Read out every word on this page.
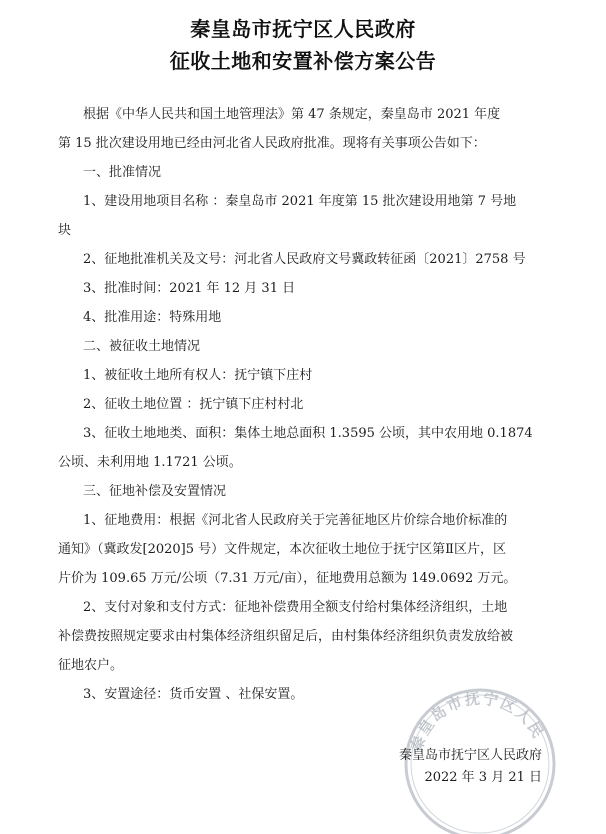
秦皇岛市抚宁区人民政府
征收土地和安置补偿方案公告
根据《中华人民共和国土地管理法》第 47 条规定，秦皇岛市 2021 年度
第 15 批次建设用地已经由河北省人民政府批准。现将有关事项公告如下：
一、批准情况
1、建设用地项目名称 ：秦皇岛市 2021 年度第 15 批次建设用地第 7 号地
块
2、征地批准机关及文号：河北省人民政府文号冀政转征函〔2021〕2758 号
3、批准时间：2021 年 12 月 31 日
4、批准用途：特殊用地
二、被征收土地情况
1、被征收土地所有权人：抚宁镇下庄村
2、征收土地位置 ：抚宁镇下庄村村北
3、征收土地地类、面积：集体土地总面积 1.3595 公顷，其中农用地 0.1874
公顷、未利用地 1.1721 公顷。
三、征地补偿及安置情况
1、征地费用：根据《河北省人民政府关于完善征地区片价综合地价标准的
通知》（冀政发[2020]5 号）文件规定，本次征收土地位于抚宁区第Ⅱ区片，区
片价为 109.65 万元/公顷（7.31 万元/亩），征地费用总额为 149.0692 万元。
2、支付对象和支付方式：征地补偿费用全额支付给村集体经济组织，土地
补偿费按照规定要求由村集体经济组织留足后，由村集体经济组织负责发放给被
征地农户。
3、安置途径：货币安置 、社保安置。
秦皇岛市抚宁区人民
秦皇岛市抚宁区人民政府
2022 年 3 月 21 日
